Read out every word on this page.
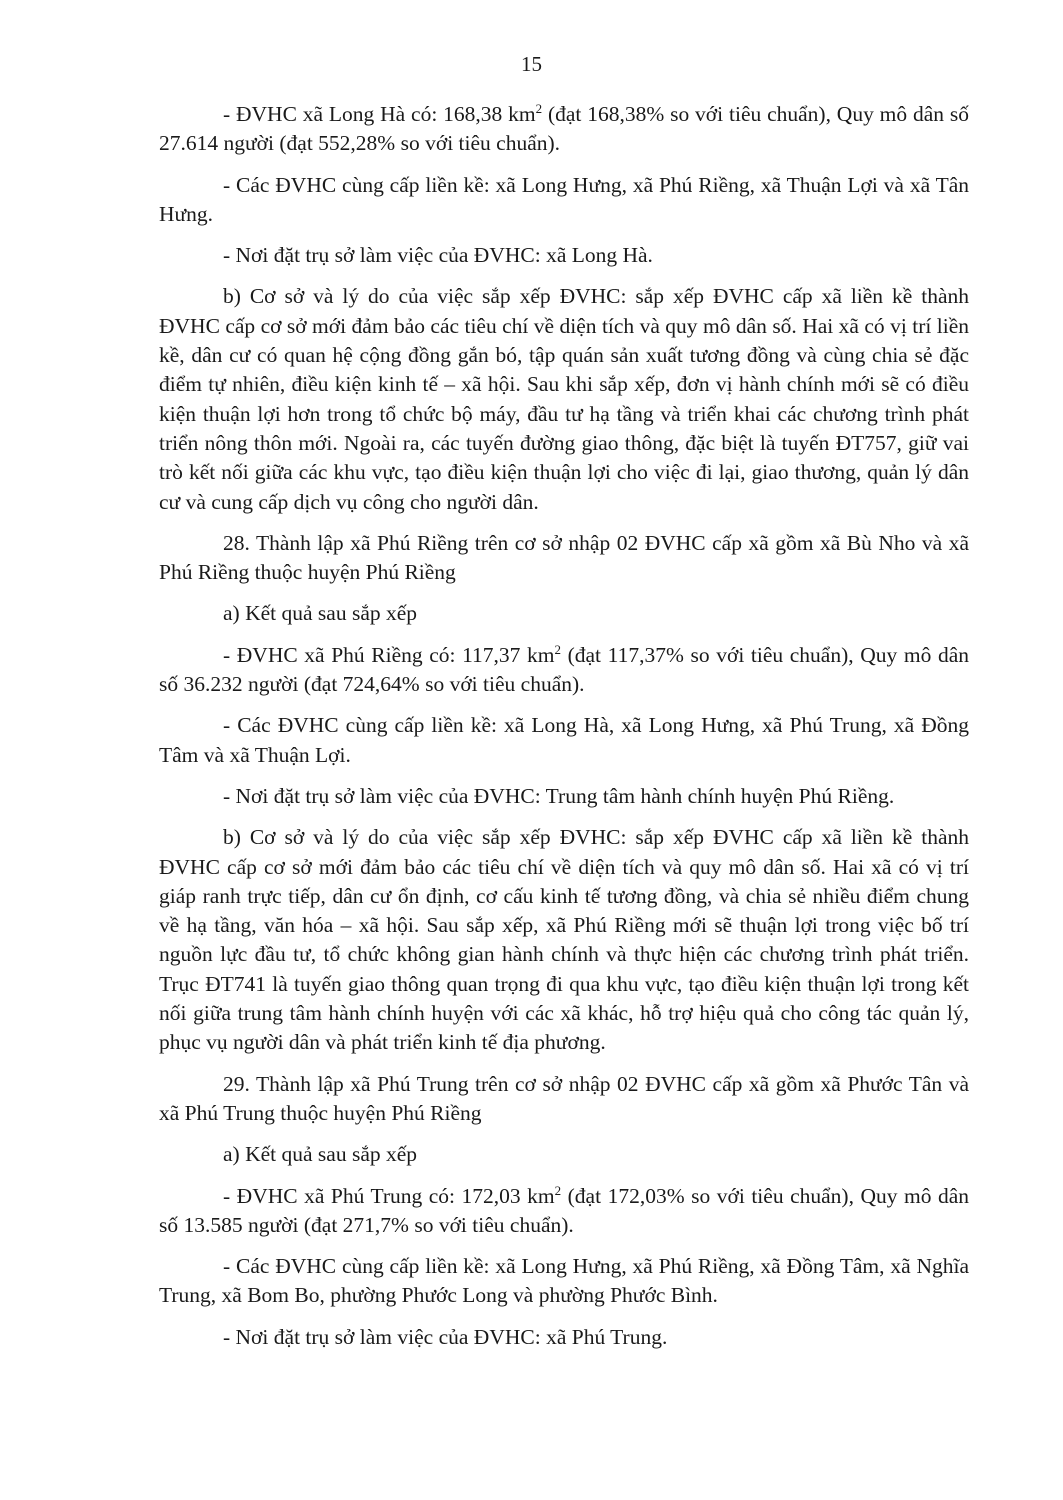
15

- ĐVHC xã Long Hà có: 168,38 $km^2$ (đạt 168,38% so với tiêu chuẩn), Quy mô dân số 27.614 người (đạt 552,28% so với tiêu chuẩn).

- Các ĐVHC cùng cấp liền kề: xã Long Hưng, xã Phú Riềng, xã Thuận Lợi và xã Tân Hưng.

- Nơi đặt trụ sở làm việc của ĐVHC: xã Long Hà.

b) Cơ sở và lý do của việc sắp xếp ĐVHC: sắp xếp ĐVHC cấp xã liền kề thành ĐVHC cấp cơ sở mới đảm bảo các tiêu chí về diện tích và quy mô dân số. Hai xã có vị trí liền kề, dân cư có quan hệ cộng đồng gắn bó, tập quán sản xuất tương đồng và cùng chia sẻ đặc điểm tự nhiên, điều kiện kinh tế – xã hội. Sau khi sắp xếp, đơn vị hành chính mới sẽ có điều kiện thuận lợi hơn trong tổ chức bộ máy, đầu tư hạ tầng và triển khai các chương trình phát triển nông thôn mới. Ngoài ra, các tuyến đường giao thông, đặc biệt là tuyến ĐT757, giữ vai trò kết nối giữa các khu vực, tạo điều kiện thuận lợi cho việc đi lại, giao thương, quản lý dân cư và cung cấp dịch vụ công cho người dân.

28. Thành lập xã Phú Riềng trên cơ sở nhập 02 ĐVHC cấp xã gồm xã Bù Nho và xã Phú Riềng thuộc huyện Phú Riềng

a) Kết quả sau sắp xếp

- ĐVHC xã Phú Riềng có: 117,37 $km^2$ (đạt 117,37% so với tiêu chuẩn), Quy mô dân số 36.232 người (đạt 724,64% so với tiêu chuẩn).

- Các ĐVHC cùng cấp liền kề: xã Long Hà, xã Long Hưng, xã Phú Trung, xã Đồng Tâm và xã Thuận Lợi.

- Nơi đặt trụ sở làm việc của ĐVHC: Trung tâm hành chính huyện Phú Riềng.

b) Cơ sở và lý do của việc sắp xếp ĐVHC: sắp xếp ĐVHC cấp xã liền kề thành ĐVHC cấp cơ sở mới đảm bảo các tiêu chí về diện tích và quy mô dân số. Hai xã có vị trí giáp ranh trực tiếp, dân cư ổn định, cơ cấu kinh tế tương đồng, và chia sẻ nhiều điểm chung về hạ tầng, văn hóa – xã hội. Sau sắp xếp, xã Phú Riềng mới sẽ thuận lợi trong việc bố trí nguồn lực đầu tư, tổ chức không gian hành chính và thực hiện các chương trình phát triển. Trục ĐT741 là tuyến giao thông quan trọng đi qua khu vực, tạo điều kiện thuận lợi trong kết nối giữa trung tâm hành chính huyện với các xã khác, hỗ trợ hiệu quả cho công tác quản lý, phục vụ người dân và phát triển kinh tế địa phương.

29. Thành lập xã Phú Trung trên cơ sở nhập 02 ĐVHC cấp xã gồm xã Phước Tân và xã Phú Trung thuộc huyện Phú Riềng

a) Kết quả sau sắp xếp

- ĐVHC xã Phú Trung có: 172,03 $km^2$ (đạt 172,03% so với tiêu chuẩn), Quy mô dân số 13.585 người (đạt 271,7% so với tiêu chuẩn).

- Các ĐVHC cùng cấp liền kề: xã Long Hưng, xã Phú Riềng, xã Đồng Tâm, xã Nghĩa Trung, xã Bom Bo, phường Phước Long và phường Phước Bình.

- Nơi đặt trụ sở làm việc của ĐVHC: xã Phú Trung.
